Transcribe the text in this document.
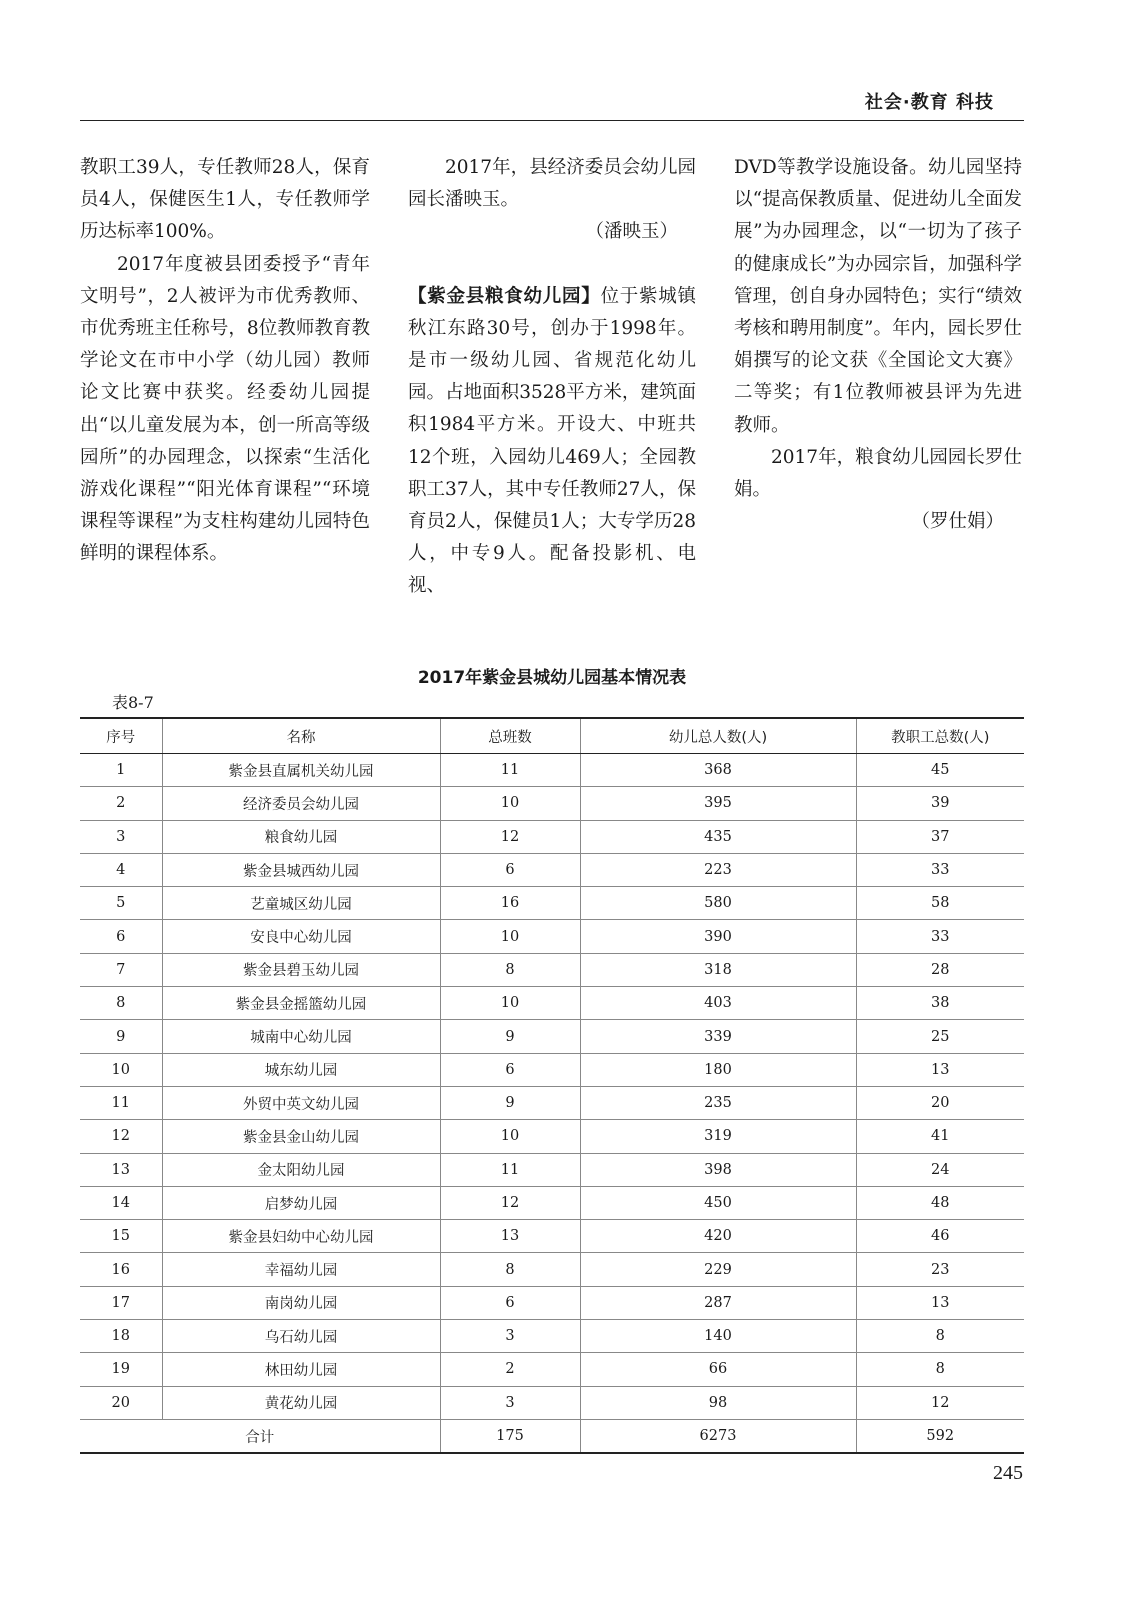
社会·教育 科技

教职工39人，专任教师28人，保育员4人，保健医生1人，专任教师学历达标率100%。

2017年度被县团委授予“青年文明号”，2人被评为市优秀教师、市优秀班主任称号，8位教师教育教学论文在市中小学（幼儿园）教师论文比赛中获奖。经委幼儿园提出“以儿童发展为本，创一所高等级园所”的办园理念，以探索“生活化游戏化课程”“阳光体育课程”“环境课程等课程”为支柱构建幼儿园特色鲜明的课程体系。

2017年，县经济委员会幼儿园园长潘映玉。

（潘映玉）

【紫金县粮食幼儿园】位于紫城镇秋江东路30号，创办于1998年。是市一级幼儿园、省规范化幼儿园。占地面积3528平方米，建筑面积1984平方米。开设大、中班共12个班，入园幼儿469人；全园教职工37人，其中专任教师27人，保育员2人，保健员1人；大专学历28人，中专9人。配备投影机、电视、

DVD等教学设施设备。幼儿园坚持以“提高保教质量、促进幼儿全面发展”为办园理念，以“一切为了孩子的健康成长”为办园宗旨，加强科学管理，创自身办园特色；实行“绩效考核和聘用制度”。年内，园长罗仕娟撰写的论文获《全国论文大赛》二等奖；有1位教师被县评为先进教师。

2017年，粮食幼儿园园长罗仕娟。

（罗仕娟）

2017年紫金县城幼儿园基本情况表
表8-7
序号	名称	总班数	幼儿总人数(人)	教职工总数(人)
1	紫金县直属机关幼儿园	11	368	45
2	经济委员会幼儿园	10	395	39
3	粮食幼儿园	12	435	37
4	紫金县城西幼儿园	6	223	33
5	艺童城区幼儿园	16	580	58
6	安良中心幼儿园	10	390	33
7	紫金县碧玉幼儿园	8	318	28
8	紫金县金摇篮幼儿园	10	403	38
9	城南中心幼儿园	9	339	25
10	城东幼儿园	6	180	13
11	外贸中英文幼儿园	9	235	20
12	紫金县金山幼儿园	10	319	41
13	金太阳幼儿园	11	398	24
14	启梦幼儿园	12	450	48
15	紫金县妇幼中心幼儿园	13	420	46
16	幸福幼儿园	8	229	23
17	南岗幼儿园	6	287	13
18	乌石幼儿园	3	140	8
19	林田幼儿园	2	66	8
20	黄花幼儿园	3	98	12
合计		175	6273	592
245
